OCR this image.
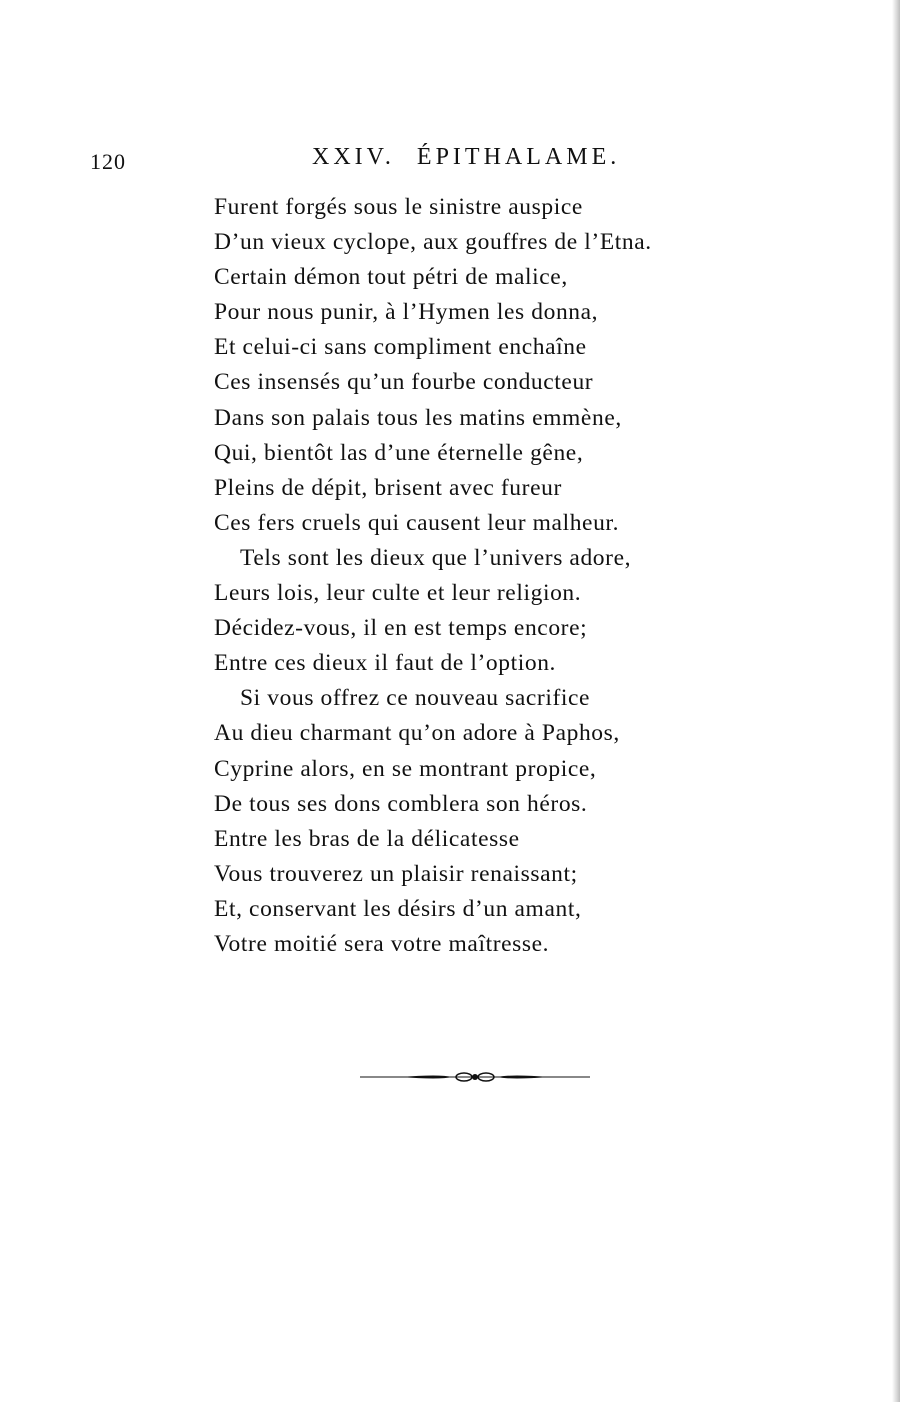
120	XXIV. ÉPITHALAME.
Furent forgés sous le sinistre auspice
D’un vieux cyclope, aux gouffres de l’Etna.
Certain démon tout pétri de malice,
Pour nous punir, à l’Hymen les donna,
Et celui-ci sans compliment enchaîne
Ces insensés qu’un fourbe conducteur
Dans son palais tous les matins emmène,
Qui, bientôt las d’une éternelle gêne,
Pleins de dépit, brisent avec fureur
Ces fers cruels qui causent leur malheur.
Tels sont les dieux que l’univers adore,
Leurs lois, leur culte et leur religion.
Décidez-vous, il en est temps encore;
Entre ces dieux il faut de l’option.
Si vous offrez ce nouveau sacrifice
Au dieu charmant qu’on adore à Paphos,
Cyprine alors, en se montrant propice,
De tous ses dons comblera son héros.
Entre les bras de la délicatesse
Vous trouverez un plaisir renaissant;
Et, conservant les désirs d’un amant,
Votre moitié sera votre maîtresse.
